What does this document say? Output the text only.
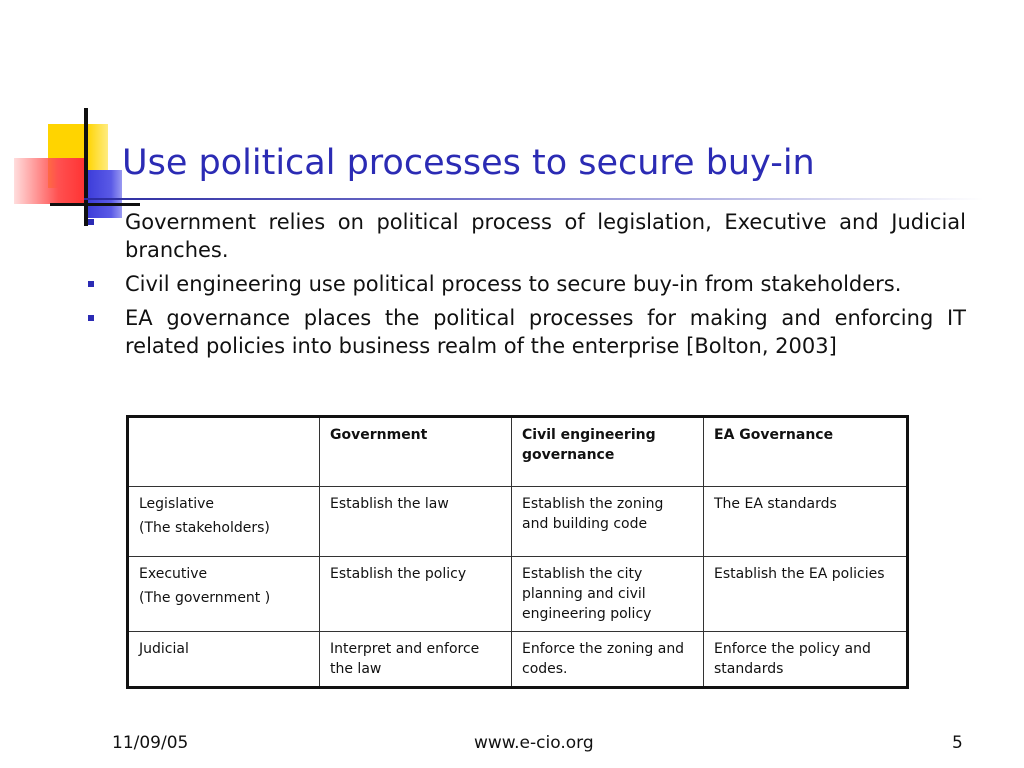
Use political processes to secure buy-in
Government relies on political process of legislation, Executive and Judicial branches.
Civil engineering use political process to secure buy-in from stakeholders.
EA governance places the political processes for making and enforcing IT related policies into business realm of the enterprise [Bolton, 2003]
	Government	Civil engineering governance	EA Governance
Legislative
(The stakeholders)	Establish the law	Establish the zoning and building code	The EA standards
Executive
(The government )	Establish the policy	Establish the city planning and civil engineering policy	Establish the EA policies
Judicial	Interpret and enforce the law	Enforce the zoning and codes.	Enforce the policy and standards
11/09/05	www.e-cio.org	5
